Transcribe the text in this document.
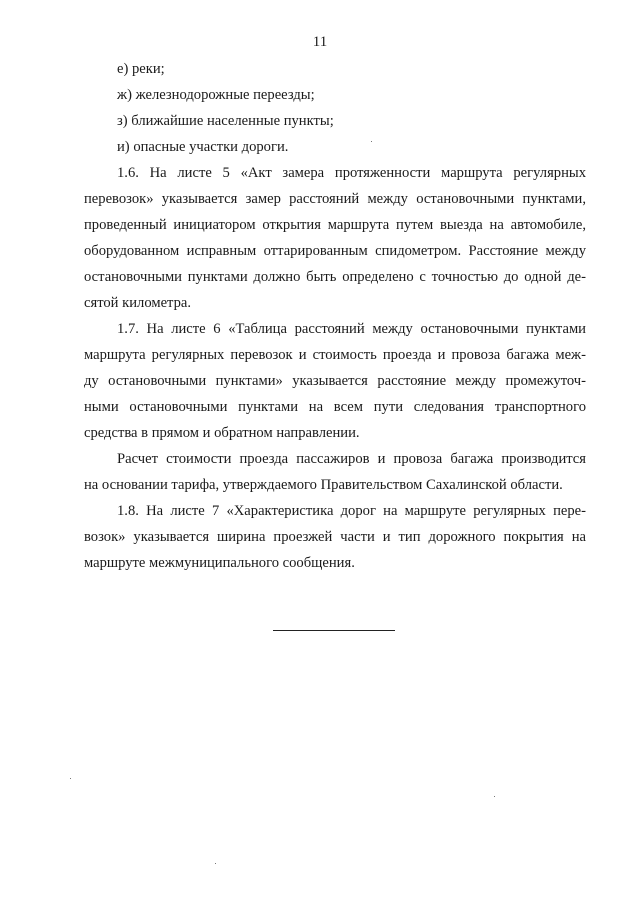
11
е) реки;
ж) железнодорожные переезды;
з) ближайшие населенные пункты;
и) опасные участки дороги.
1.6. На листе 5 «Акт замера протяженности маршрута регулярных
перевозок» указывается замер расстояний между остановочными пунктами,
проведенный инициатором открытия маршрута путем выезда на автомобиле,
оборудованном исправным оттарированным спидометром. Расстояние между
остановочными пунктами должно быть определено с точностью до одной де-
сятой километра.
1.7. На листе 6 «Таблица расстояний между остановочными пунктами
маршрута регулярных перевозок и стоимость проезда и провоза багажа меж-
ду остановочными пунктами» указывается расстояние между промежуточ-
ными остановочными пунктами на всем пути следования транспортного
средства в прямом и обратном направлении.
Расчет стоимости проезда пассажиров и провоза багажа производится
на основании тарифа, утверждаемого Правительством Сахалинской области.
1.8. На листе 7 «Характеристика дорог на маршруте регулярных пере-
возок» указывается ширина проезжей части и тип дорожного покрытия на
маршруте межмуниципального сообщения.
